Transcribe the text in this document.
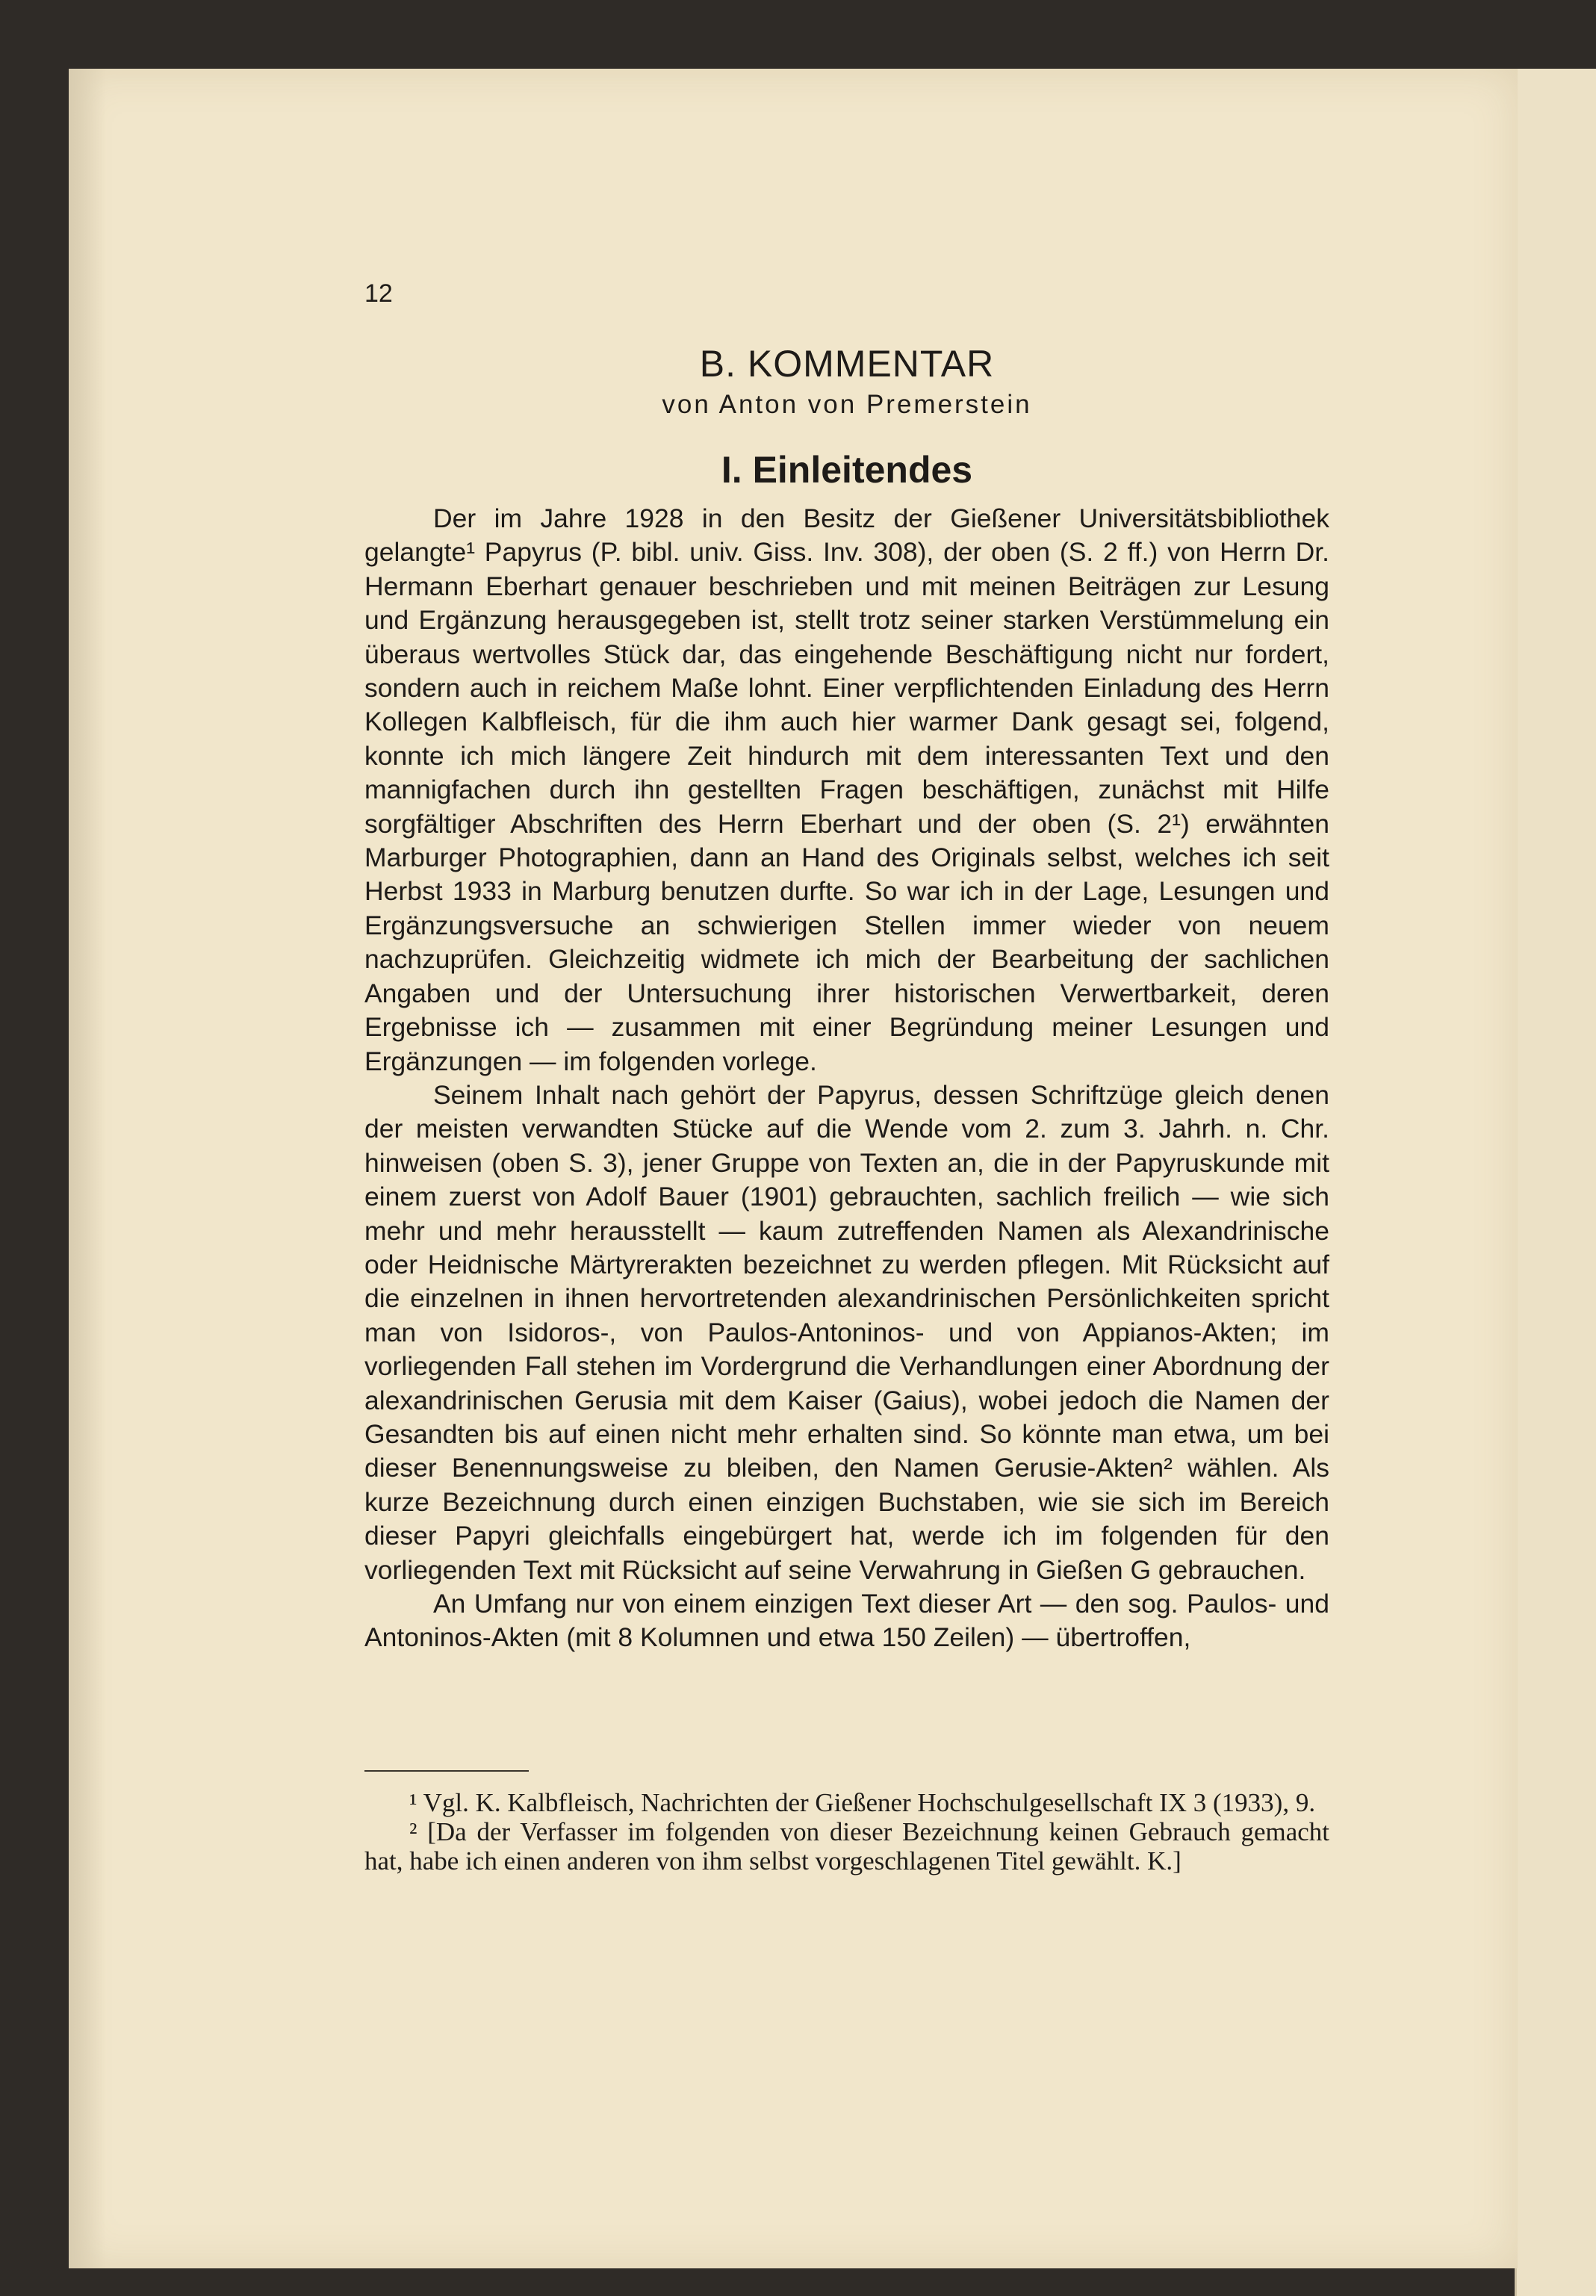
12
B. KOMMENTAR
von Anton von Premerstein
I. Einleitendes

Der im Jahre 1928 in den Besitz der Gießener Universitätsbibliothek gelangte¹ Papyrus (P. bibl. univ. Giss. Inv. 308), der oben (S. 2 ff.) von Herrn Dr. Hermann Eberhart genauer beschrieben und mit meinen Beiträgen zur Lesung und Ergänzung herausgegeben ist, stellt trotz seiner starken Verstümmelung ein überaus wertvolles Stück dar, das eingehende Beschäftigung nicht nur fordert, sondern auch in reichem Maße lohnt. Einer verpflichtenden Einladung des Herrn Kollegen Kalbfleisch, für die ihm auch hier warmer Dank gesagt sei, folgend, konnte ich mich längere Zeit hindurch mit dem interessanten Text und den mannigfachen durch ihn gestellten Fragen beschäftigen, zunächst mit Hilfe sorgfältiger Abschriften des Herrn Eberhart und der oben (S. 2¹) erwähnten Marburger Photographien, dann an Hand des Originals selbst, welches ich seit Herbst 1933 in Marburg benutzen durfte. So war ich in der Lage, Lesungen und Ergänzungsversuche an schwierigen Stellen immer wieder von neuem nachzuprüfen. Gleichzeitig widmete ich mich der Bearbeitung der sachlichen Angaben und der Untersuchung ihrer historischen Verwertbarkeit, deren Ergebnisse ich — zusammen mit einer Begründung meiner Lesungen und Ergänzungen — im folgenden vorlege.

Seinem Inhalt nach gehört der Papyrus, dessen Schriftzüge gleich denen der meisten verwandten Stücke auf die Wende vom 2. zum 3. Jahrh. n. Chr. hinweisen (oben S. 3), jener Gruppe von Texten an, die in der Papyruskunde mit einem zuerst von Adolf Bauer (1901) gebrauchten, sachlich freilich — wie sich mehr und mehr herausstellt — kaum zutreffenden Namen als Alexandrinische oder Heidnische Märtyrerakten bezeichnet zu werden pflegen. Mit Rücksicht auf die einzelnen in ihnen hervortretenden alexandrinischen Persönlichkeiten spricht man von Isidoros-, von Paulos-Antoninos- und von Appianos-Akten; im vorliegenden Fall stehen im Vordergrund die Verhandlungen einer Abordnung der alexandrinischen Gerusia mit dem Kaiser (Gaius), wobei jedoch die Namen der Gesandten bis auf einen nicht mehr erhalten sind. So könnte man etwa, um bei dieser Benennungsweise zu bleiben, den Namen Gerusie-Akten² wählen. Als kurze Bezeichnung durch einen einzigen Buchstaben, wie sie sich im Bereich dieser Papyri gleichfalls eingebürgert hat, werde ich im folgenden für den vorliegenden Text mit Rücksicht auf seine Verwahrung in Gießen G gebrauchen.

An Umfang nur von einem einzigen Text dieser Art — den sog. Paulos- und Antoninos-Akten (mit 8 Kolumnen und etwa 150 Zeilen) — übertroffen,

¹ Vgl. K. Kalbfleisch, Nachrichten der Gießener Hochschulgesellschaft IX 3 (1933), 9.

² [Da der Verfasser im folgenden von dieser Bezeichnung keinen Gebrauch gemacht hat, habe ich einen anderen von ihm selbst vorgeschlagenen Titel gewählt. K.]
